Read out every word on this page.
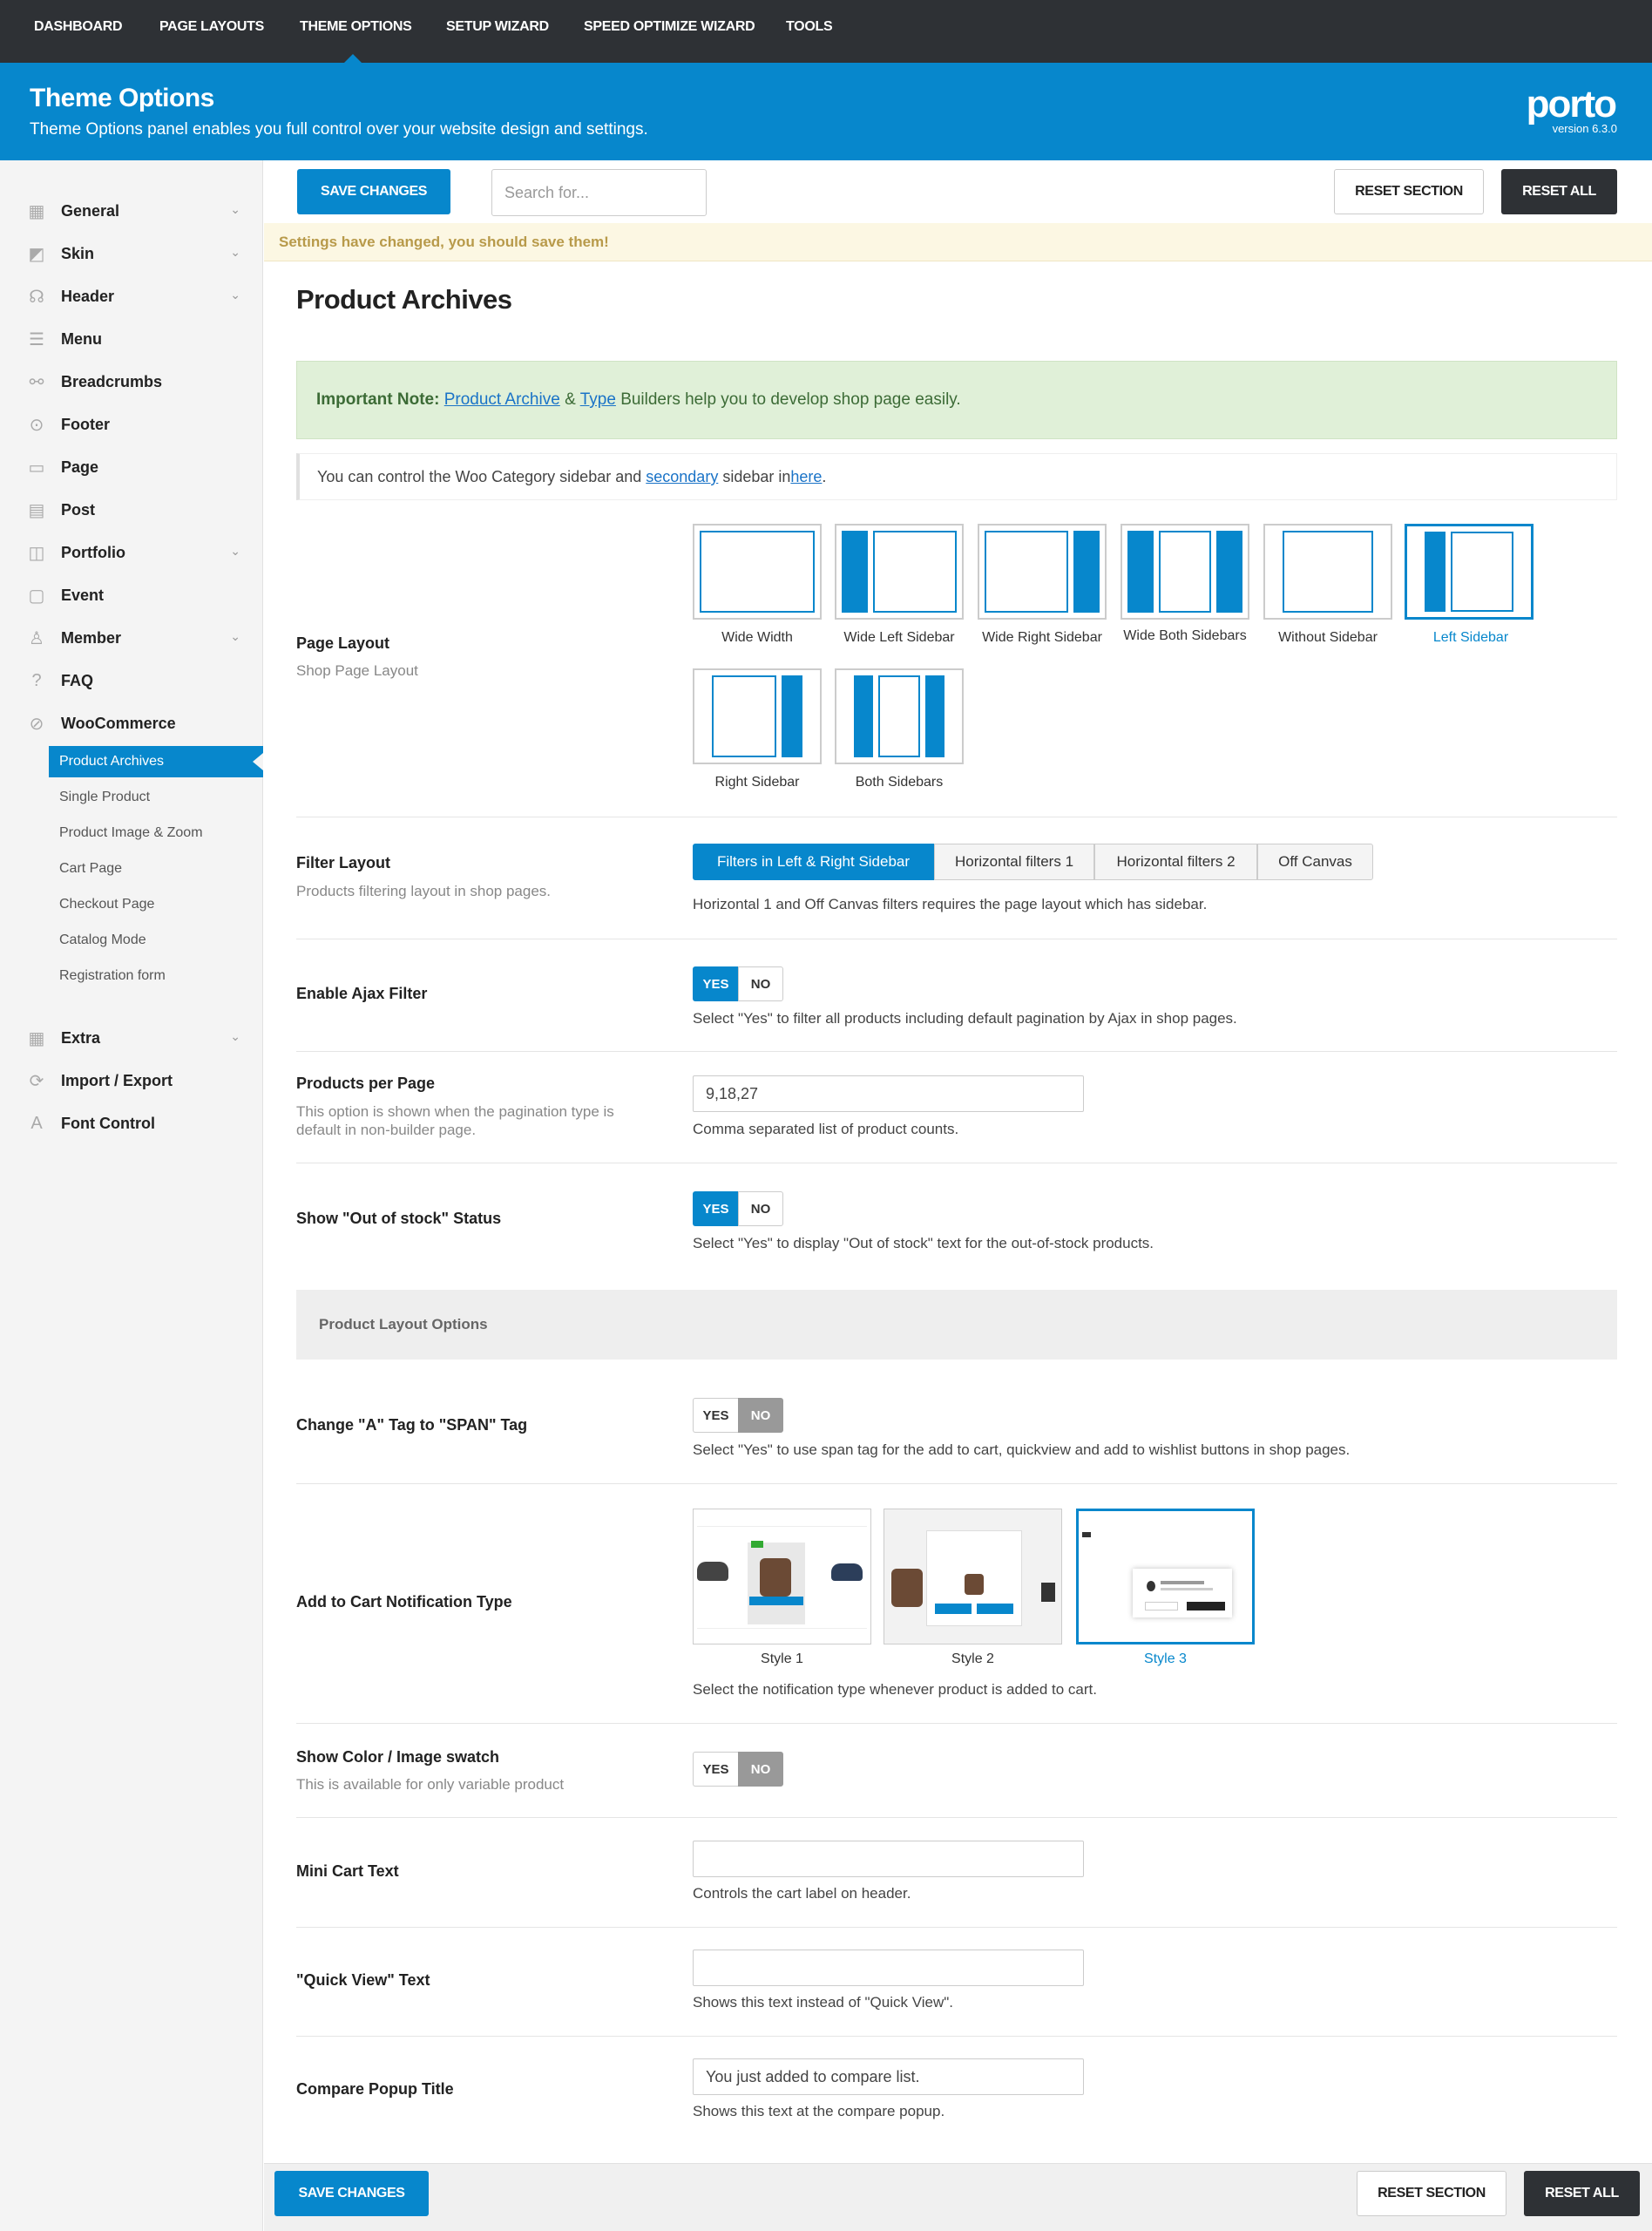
DASHBOARD	PAGE LAYOUTS	THEME OPTIONS SETUP WIZARD	SPEED OPTIMIZE WIZARD TOOLS
Theme Options
Theme Options panel enables you full control over your website design and settings.
porto
version 6.3.0
▦ General	⌄
◩ Skin	⌄
☊ Header	⌄
☰ Menu
⚯	Breadcrumbs
⊙	Footer
▭ Page
▤ Post
◫ Portfolio	⌄
▢ Event
♙ Member	⌄
?	FAQ
⊘	WooCommerce
Product Archives
Single Product
Product Image & Zoom
Cart Page
Checkout Page
Catalog Mode
Registration form
▦ Extra	⌄
⟳	Import / Export
A	Font Control
SAVE CHANGES
Search for...	RESET SECTION	RESET ALL
Settings have changed, you should save them!
Product Archives
Important Note: Product Archive & Type Builders help you to develop shop page easily.
You can control the Woo Category sidebar and secondary sidebar inhere.
Page Layout
Shop Page Layout
Wide Width	Wide Left Sidebar	Wide Right Sidebar	Wide Both Sidebars	Without Sidebar	Left Sidebar
Right Sidebar	Both Sidebars
Filter Layout
Products filtering layout in shop pages.
Filters in Left & Right Sidebar	Horizontal filters 1	Horizontal filters 2	Off Canvas
Horizontal 1 and Off Canvas filters requires the page layout which has sidebar.
Enable Ajax Filter
YES	NO
Select "Yes" to filter all products including default pagination by Ajax in shop pages.
Products per Page
This option is shown when the pagination type is default in non-builder page.
9,18,27	Comma separated list of product counts.
Show "Out of stock" Status
YES	NO
Select "Yes" to display "Out of stock" text for the out-of-stock products.
Product Layout Options
Change "A" Tag to "SPAN" Tag
YES	NO
Select "Yes" to use span tag for the add to cart, quickview and add to wishlist buttons in shop pages.
Add to Cart Notification Type
Style 1	Style 2	Style 3
Select the notification type whenever product is added to cart.
Show Color / Image swatch
This is available for only variable product
YES	NO
Mini Cart Text
Controls the cart label on header.
"Quick View" Text
Shows this text instead of "Quick View".
Compare Popup Title
You just added to compare list.
Shows this text at the compare popup.
SAVE CHANGES	RESET SECTION	RESET ALL
